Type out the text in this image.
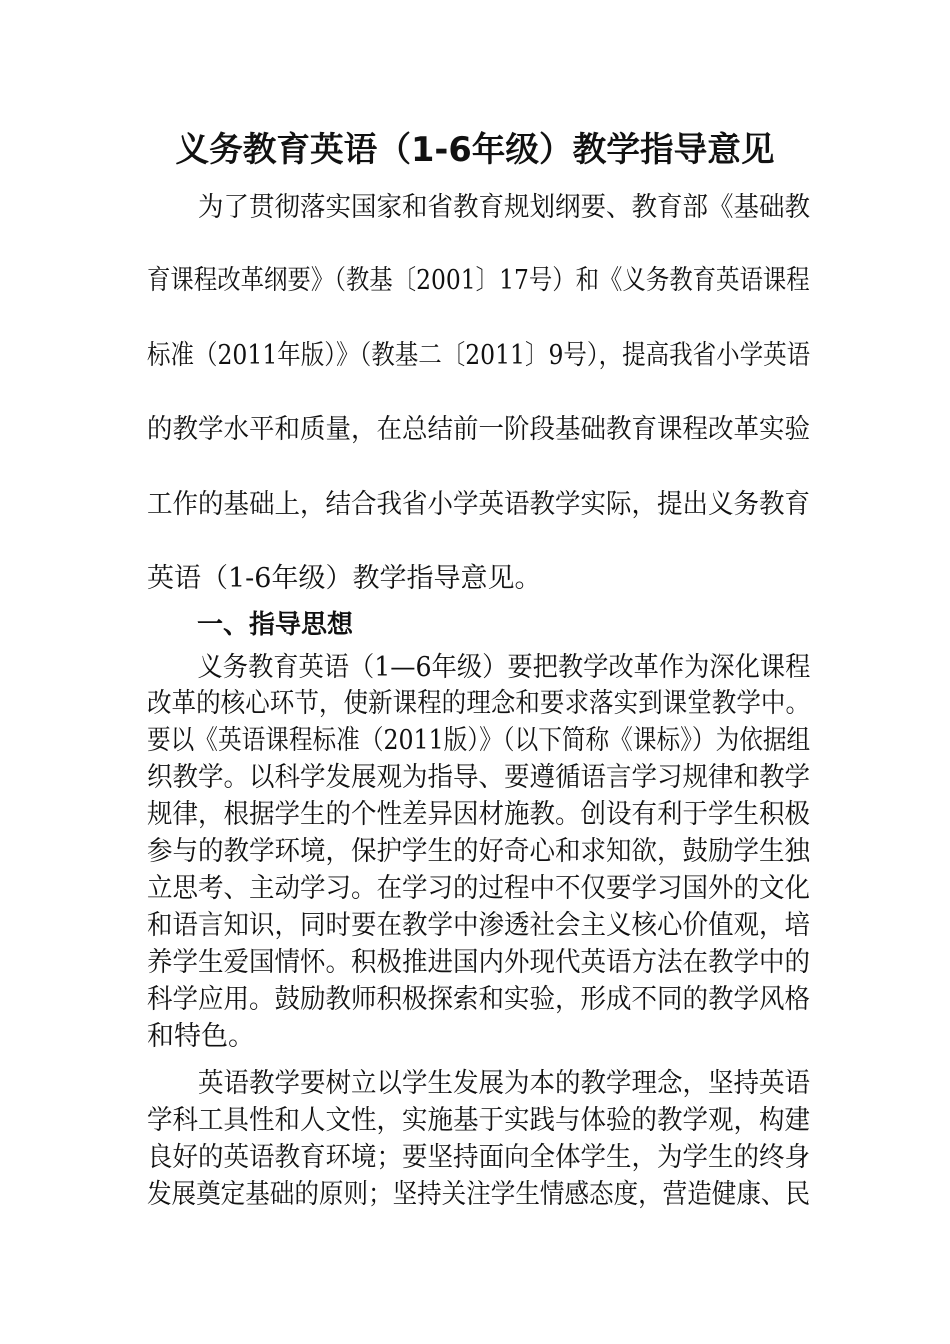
义务教育英语（1-6年级）教学指导意见
　　为了贯彻落实国家和省教育规划纲要、教育部《基础教
育课程改革纲要》（教基〔2001〕17号）和《义务教育英语课程
标准（2011年版）》（教基二〔2011〕9号），提高我省小学英语
的教学水平和质量，在总结前一阶段基础教育课程改革实验
工作的基础上，结合我省小学英语教学实际，提出义务教育
英语（1-6年级）教学指导意见。
一、指导思想
　　义务教育英语（1—6年级）要把教学改革作为深化课程
改革的核心环节，使新课程的理念和要求落实到课堂教学中。
要以《英语课程标准（2011版）》（以下简称《课标》）为依据组
织教学。以科学发展观为指导、要遵循语言学习规律和教学
规律，根据学生的个性差异因材施教。创设有利于学生积极
参与的教学环境，保护学生的好奇心和求知欲，鼓励学生独
立思考、主动学习。在学习的过程中不仅要学习国外的文化
和语言知识，同时要在教学中渗透社会主义核心价值观，培
养学生爱国情怀。积极推进国内外现代英语方法在教学中的
科学应用。鼓励教师积极探索和实验，形成不同的教学风格
和特色。
　　英语教学要树立以学生发展为本的教学理念，坚持英语
学科工具性和人文性，实施基于实践与体验的教学观，构建
良好的英语教育环境；要坚持面向全体学生，为学生的终身
发展奠定基础的原则；坚持关注学生情感态度，营造健康、民
